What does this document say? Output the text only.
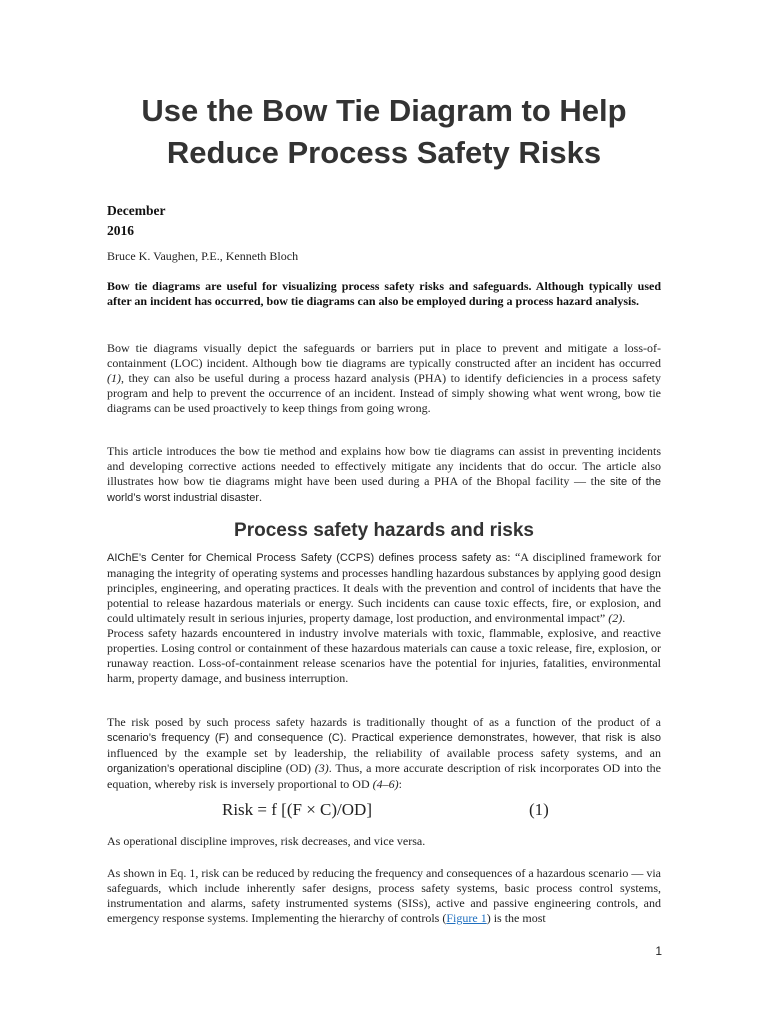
Use the Bow Tie Diagram to Help
Reduce Process Safety Risks
December
2016
Bruce K. Vaughen, P.E., Kenneth Bloch

Bow tie diagrams are useful for visualizing process safety risks and safeguards. Although typically used after an incident has occurred, bow tie diagrams can also be employed during a process hazard analysis.

Bow tie diagrams visually depict the safeguards or barriers put in place to prevent and mitigate a loss-of-containment (LOC) incident. Although bow tie diagrams are typically constructed after an incident has occurred (1), they can also be useful during a process hazard analysis (PHA) to identify deficiencies in a process safety program and help to prevent the occurrence of an incident. Instead of simply showing what went wrong, bow tie diagrams can be used proactively to keep things from going wrong.

This article introduces the bow tie method and explains how bow tie diagrams can assist in preventing incidents and developing corrective actions needed to effectively mitigate any incidents that do occur. The article also illustrates how bow tie diagrams might have been used during a PHA of the Bhopal facility — the site of the world’s worst industrial disaster.

Process safety hazards and risks

AIChE’s Center for Chemical Process Safety (CCPS) defines process safety as: “A disciplined framework for managing the integrity of operating systems and processes handling hazardous substances by applying good design principles, engineering, and operating practices. It deals with the prevention and control of incidents that have the potential to release hazardous materials or energy. Such incidents can cause toxic effects, fire, or explosion, and could ultimately result in serious injuries, property damage, lost production, and environmental impact” (2).
Process safety hazards encountered in industry involve materials with toxic, flammable, explosive, and reactive properties. Losing control or containment of these hazardous materials can cause a toxic release, fire, explosion, or runaway reaction. Loss-of-containment release scenarios have the potential for injuries, fatalities, environmental harm, property damage, and business interruption.

The risk posed by such process safety hazards is traditionally thought of as a function of the product of a scenario’s frequency (F) and consequence (C). Practical experience demonstrates, however, that risk is also influenced by the example set by leadership, the reliability of available process safety systems, and an organization’s operational discipline (OD) (3). Thus, a more accurate description of risk incorporates OD into the equation, whereby risk is inversely proportional to OD (4–6):

Risk = f [(F × C)/OD]	(1)

As operational discipline improves, risk decreases, and vice versa.

As shown in Eq. 1, risk can be reduced by reducing the frequency and consequences of a hazardous scenario — via safeguards, which include inherently safer designs, process safety systems, basic process control systems, instrumentation and alarms, safety instrumented systems (SISs), active and passive engineering controls, and emergency response systems. Implementing the hierarchy of controls (Figure 1) is the most

1
